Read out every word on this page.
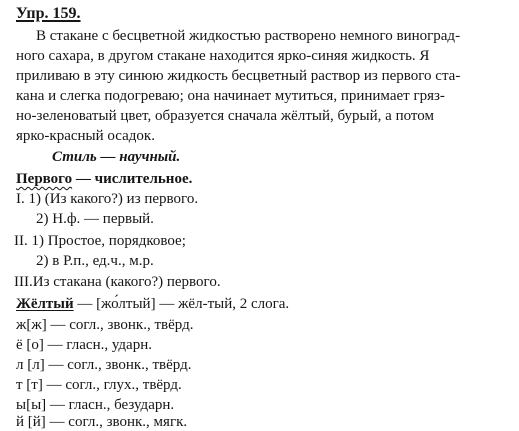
Упр. 159.
В стакане с бесцветной жидкостью растворено немного виноград-
ного сахара, в другом стакане находится ярко-синяя жидкость. Я
приливаю в эту синюю жидкость бесцветный раствор из первого ста-
кана и слегка подогреваю; она начинает мутиться, принимает гряз-
но-зеленоватый цвет, образуется сначала жёлтый, бурый, а потом
ярко-красный осадок.
Стиль — научный.
Первого — числительное.
I. 1) (Из какого?) из первого.
2) Н.ф. — первый.
II. 1) Простое, порядковое;
2) в Р.п., ед.ч., м.р.
III.Из стакана (какого?) первого.
Жёлтый — [жо́лтый] — жёл-тый, 2 слога.
ж[ж] — согл., звонк., твёрд.
ё [о] — гласн., ударн.
л [л] — согл., звонк., твёрд.
т [т] — согл., глух., твёрд.
ы[ы] — гласн., безударн.
й [й] — согл., звонк., мягк.
